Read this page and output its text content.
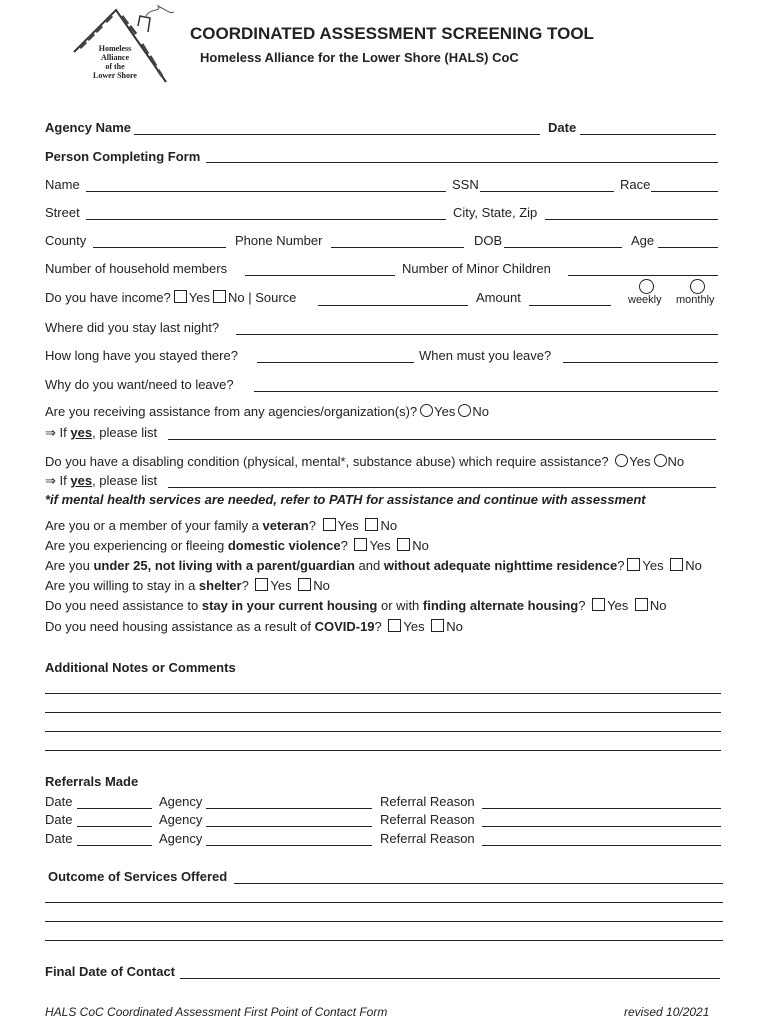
Homeless
Alliance
of the
Lower Shore
COORDINATED ASSESSMENT SCREENING TOOL
Homeless Alliance for the Lower Shore (HALS) CoC
Agency Name	Date
Person Completing Form
Name	SSN	Race
Street	City, State, Zip
County	Phone Number	DOB	Age
Number of household members	Number of Minor Children
Do you have income? Yes No | Source	Amount	weekly monthly
Where did you stay last night?
How long have you stayed there?	When must you leave?
Why do you want/need to leave?
Are you receiving assistance from any agencies/organization(s)? Yes No
⇒ If yes, please list
Do you have a disabling condition (physical, mental*, substance abuse) which require assistance? Yes No
⇒ If yes, please list
*if mental health services are needed, refer to PATH for assistance and continue with assessment
Are you or a member of your family a veteran? Yes No
Are you experiencing or fleeing domestic violence? Yes No
Are you under 25, not living with a parent/guardian and without adequate nighttime residence? Yes No
Are you willing to stay in a shelter? Yes No
Do you need assistance to stay in your current housing or with finding alternate housing? Yes No
Do you need housing assistance as a result of COVID-19? Yes No
Additional Notes or Comments
Referrals Made
Date	Agency	Referral Reason
Date	Agency	Referral Reason
Date	Agency	Referral Reason
Outcome of Services Offered
Final Date of Contact
HALS CoC Coordinated Assessment First Point of Contact Form	revised 10/2021
